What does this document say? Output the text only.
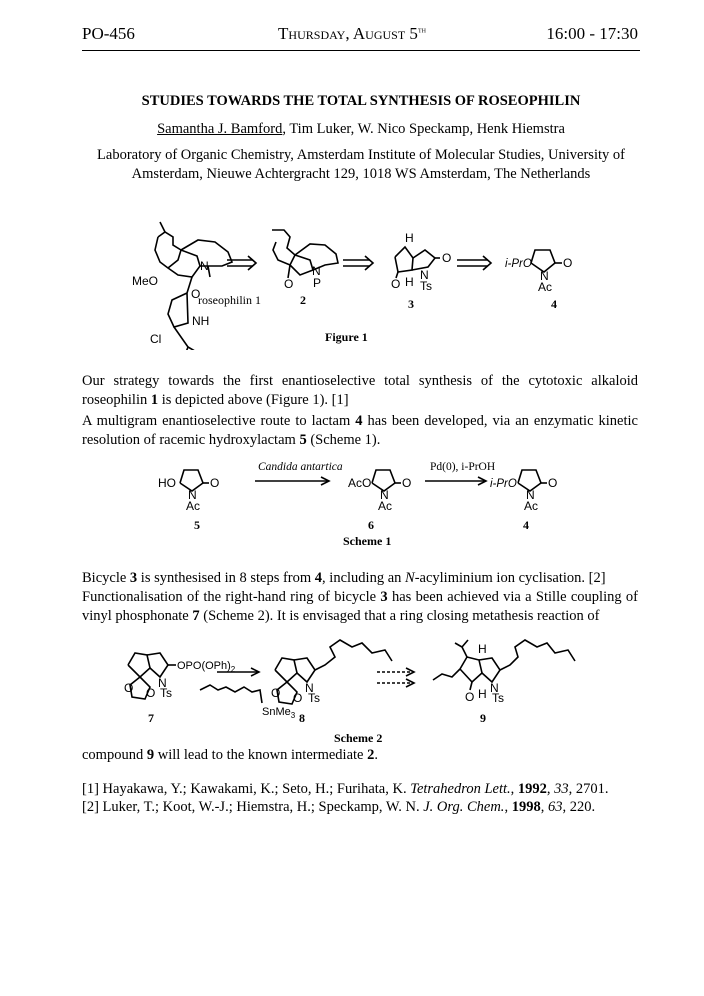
PO-456	Thursday, August 5th	16:00 - 17:30
STUDIES TOWARDS THE TOTAL SYNTHESIS OF ROSEOPHILIN
Samantha J. Bamford, Tim Luker, W. Nico Speckamp, Henk Hiemstra
Laboratory of Organic Chemistry, Amsterdam Institute of Molecular Studies, University of
Amsterdam, Nieuwe Achtergracht 129, 1018 WS Amsterdam, The Netherlands
MeO
O
N
NH
Cl
roseophilin 1
O
N
P
2
H
O
N
O H Ts
3
i-PrO	O
N
Ac
4
Figure 1
Our strategy towards the first enantioselective total synthesis of the cytotoxic alkaloid roseophilin 1 is depicted above (Figure 1). [1]
A multigram enantioselective route to lactam 4 has been developed, via an enzymatic kinetic resolution of racemic hydroxylactam 5 (Scheme 1).
HO	O
N
Ac
5
Candida antartica
AcO	O
N
Ac
6
Pd(0), i-PrOH
i-PrO	O
N
Ac
4
Scheme 1
Bicycle 3 is synthesised in 8 steps from 4, including an N-acyliminium ion cyclisation. [2]
Functionalisation of the right-hand ring of bicycle 3 has been achieved via a Stille coupling of vinyl phosphonate 7 (Scheme 2). It is envisaged that a ring closing metathesis reaction of
$OPO(OPh)_2$
O O
N
Ts
7	SnMe$_3$
O O
N
Ts
8
H
O H N
Ts
9
Scheme 2
compound 9 will lead to the known intermediate 2.
[1] Hayakawa, Y.; Kawakami, K.; Seto, H.; Furihata, K. Tetrahedron Lett., 1992, 33, 2701.
[2] Luker, T.; Koot, W.-J.; Hiemstra, H.; Speckamp, W. N. J. Org. Chem., 1998, 63, 220.
